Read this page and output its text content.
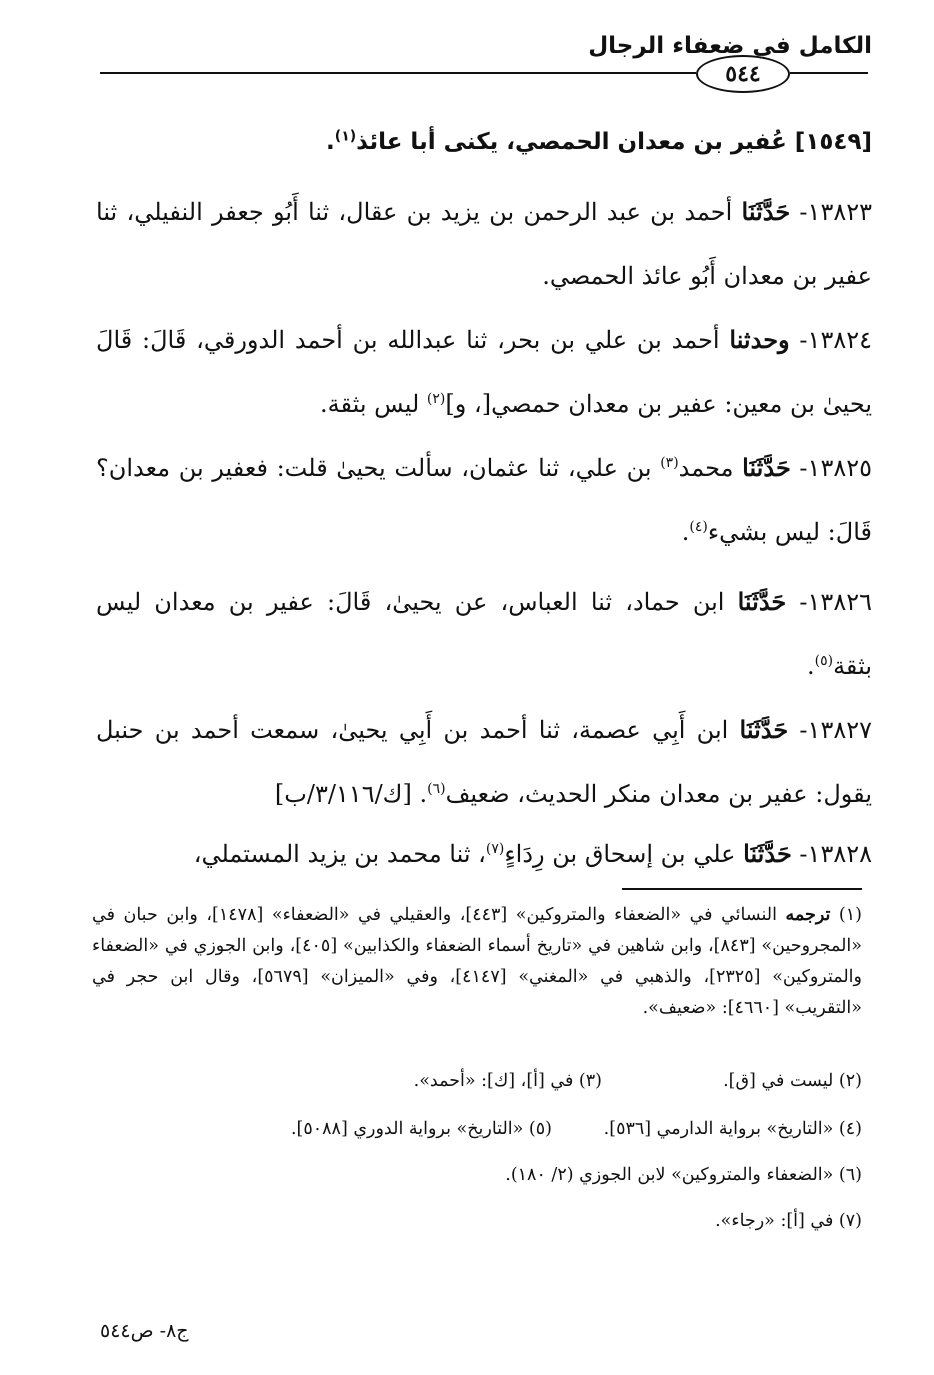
الكامل في ضعفاء الرجال
٥٤٤
[١٥٤٩] عُفير بن معدان الحمصي، يكنى أبا عائذ$^{(١)}$.

١٣٨٢٣- حَدَّثَنَا أحمد بن عبد الرحمن بن يزيد بن عقال، ثنا أَبُو جعفر النفيلي، ثنا عفير بن معدان أَبُو عائذ الحمصي.

١٣٨٢٤- وحدثنا أحمد بن علي بن بحر، ثنا عبدالله بن أحمد الدورقي، قَالَ: قَالَ يحيىٰ بن معين: عفير بن معدان حمصي[، و]$^{(٢)}$ ليس بثقة.

١٣٨٢٥- حَدَّثَنَا محمد$^{(٣)}$ بن علي، ثنا عثمان، سألت يحيىٰ قلت: فعفير بن معدان؟ قَالَ: ليس بشيء$^{(٤)}$.

١٣٨٢٦- حَدَّثَنَا ابن حماد، ثنا العباس، عن يحيىٰ، قَالَ: عفير بن معدان ليس بثقة$^{(٥)}$.

١٣٨٢٧- حَدَّثَنَا ابن أَبِي عصمة، ثنا أحمد بن أَبِي يحيىٰ، سمعت أحمد بن حنبل يقول: عفير بن معدان منكر الحديث، ضعيف$^{(٦)}$. [ك/٣/١١٦/ب]

١٣٨٢٨- حَدَّثَنَا علي بن إسحاق بن رِدَاءٍ$^{(٧)}$، ثنا محمد بن يزيد المستملي،

(١) ترجمه النسائي في «الضعفاء والمتروكين» [٤٤٣]، والعقيلي في «الضعفاء» [١٤٧٨]، وابن حبان في «المجروحين» [٨٤٣]، وابن شاهين في «تاريخ أسماء الضعفاء والكذابين» [٤٠٥]، وابن الجوزي في «الضعفاء والمتروكين» [٢٣٢٥]، والذهبي في «المغني» [٤١٤٧]، وفي «الميزان» [٥٦٧٩]، وقال ابن حجر في «التقريب» [٤٦٦٠]: «ضعيف».
(٢) ليست في [ق].(٣) في [أ]، [ك]: «أحمد».
(٤) «التاريخ» برواية الدارمي [٥٣٦].(٥) «التاريخ» برواية الدوري [٥٠٨٨].
(٦) «الضعفاء والمتروكين» لابن الجوزي (٢/ ١٨٠).
(٧) في [أ]: «رجاء».
ج٨- ص٥٤٤
